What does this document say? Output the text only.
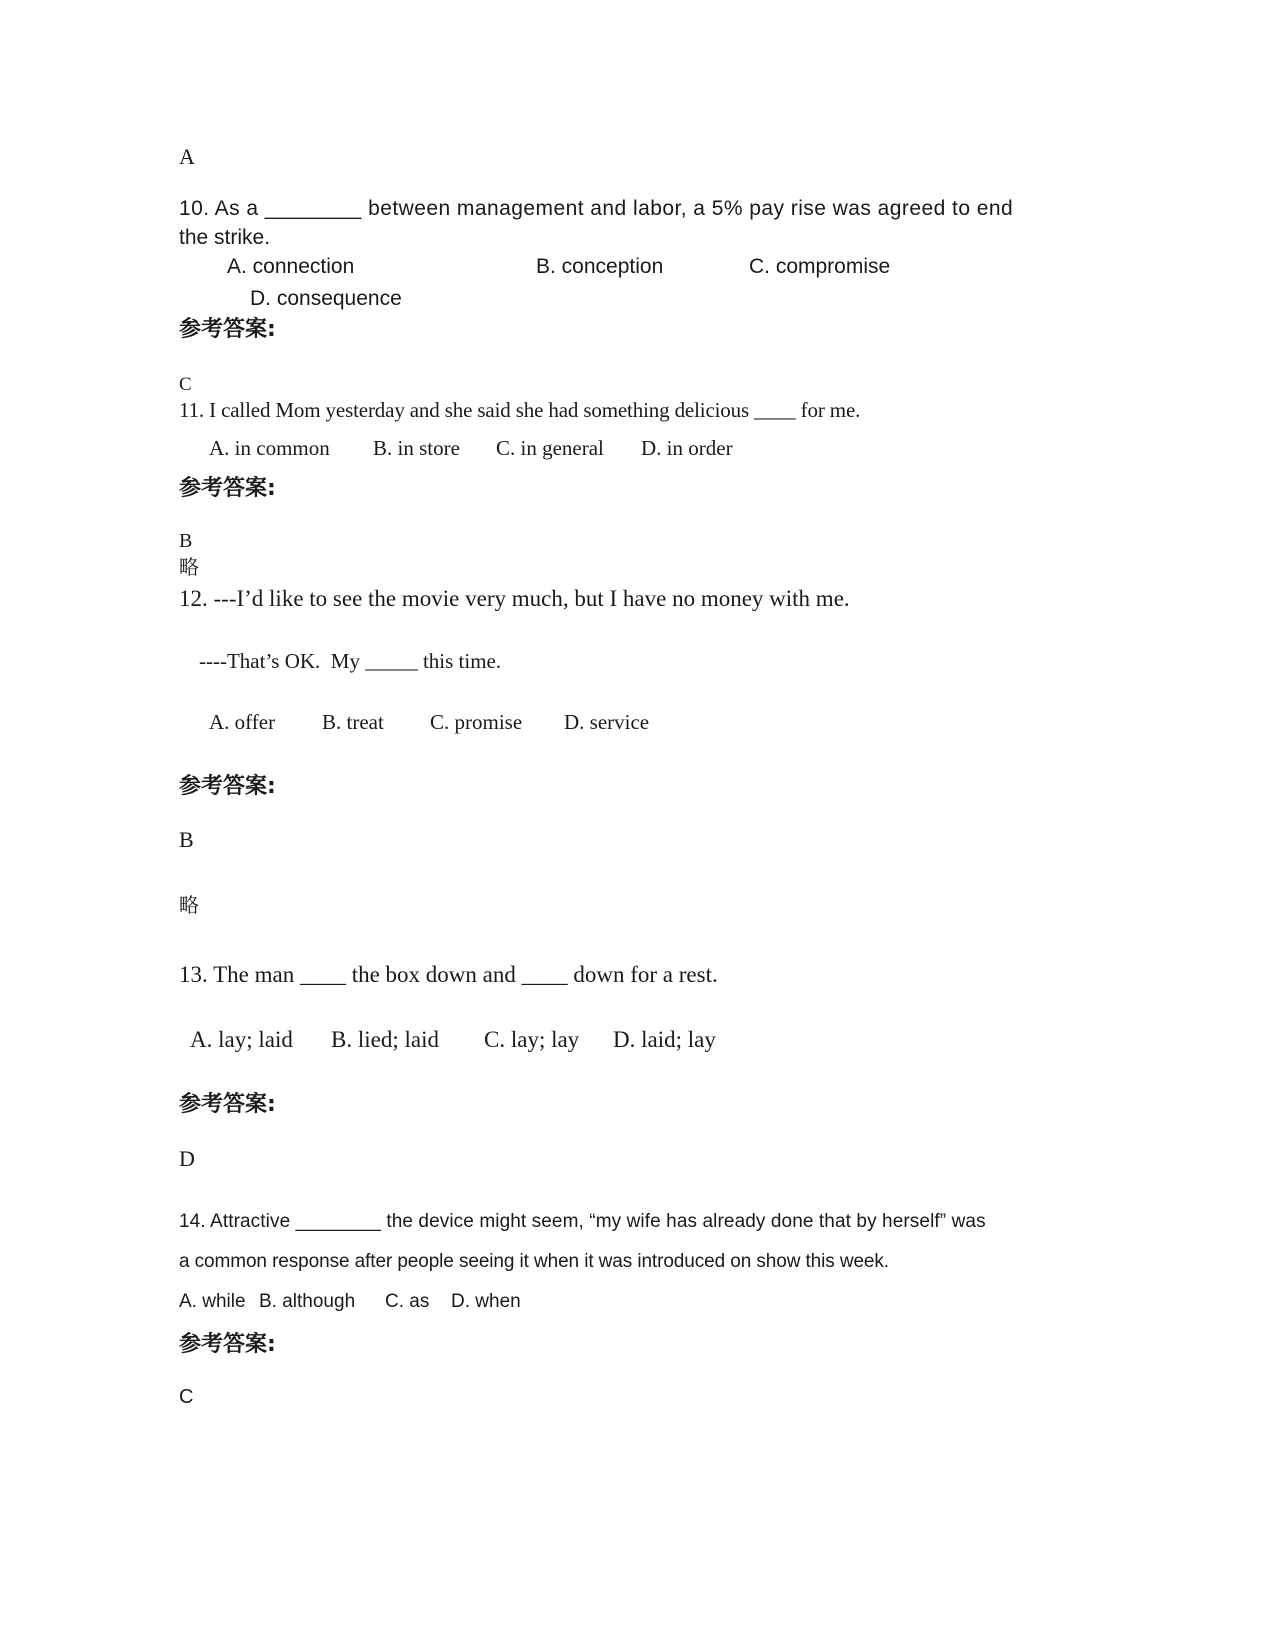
A
10. As a ________ between management and labor, a 5% pay rise was agreed to end
the strike.
A. connection	B. conception	C. compromise
D. consequence
参考答案:
C
11. I called Mom yesterday and she said she had something delicious ____ for me.
A. in common B. in store C. in general D. in order
参考答案:
B
略
12. ---I’d like to see the movie very much, but I have no money with me.
----That’s OK.  My _____ this time.
A. offer B. treat C. promise D. service
参考答案:
B
略
13. The man ____ the box down and ____ down for a rest.
A. lay; laid B. lied; laid C. lay; lay D. laid; lay
参考答案:
D
14. Attractive ________ the device might seem, “my wife has already done that by herself” was
a common response after people seeing it when it was introduced on show this week.
A. while B. although C. as D. when
参考答案:
C
